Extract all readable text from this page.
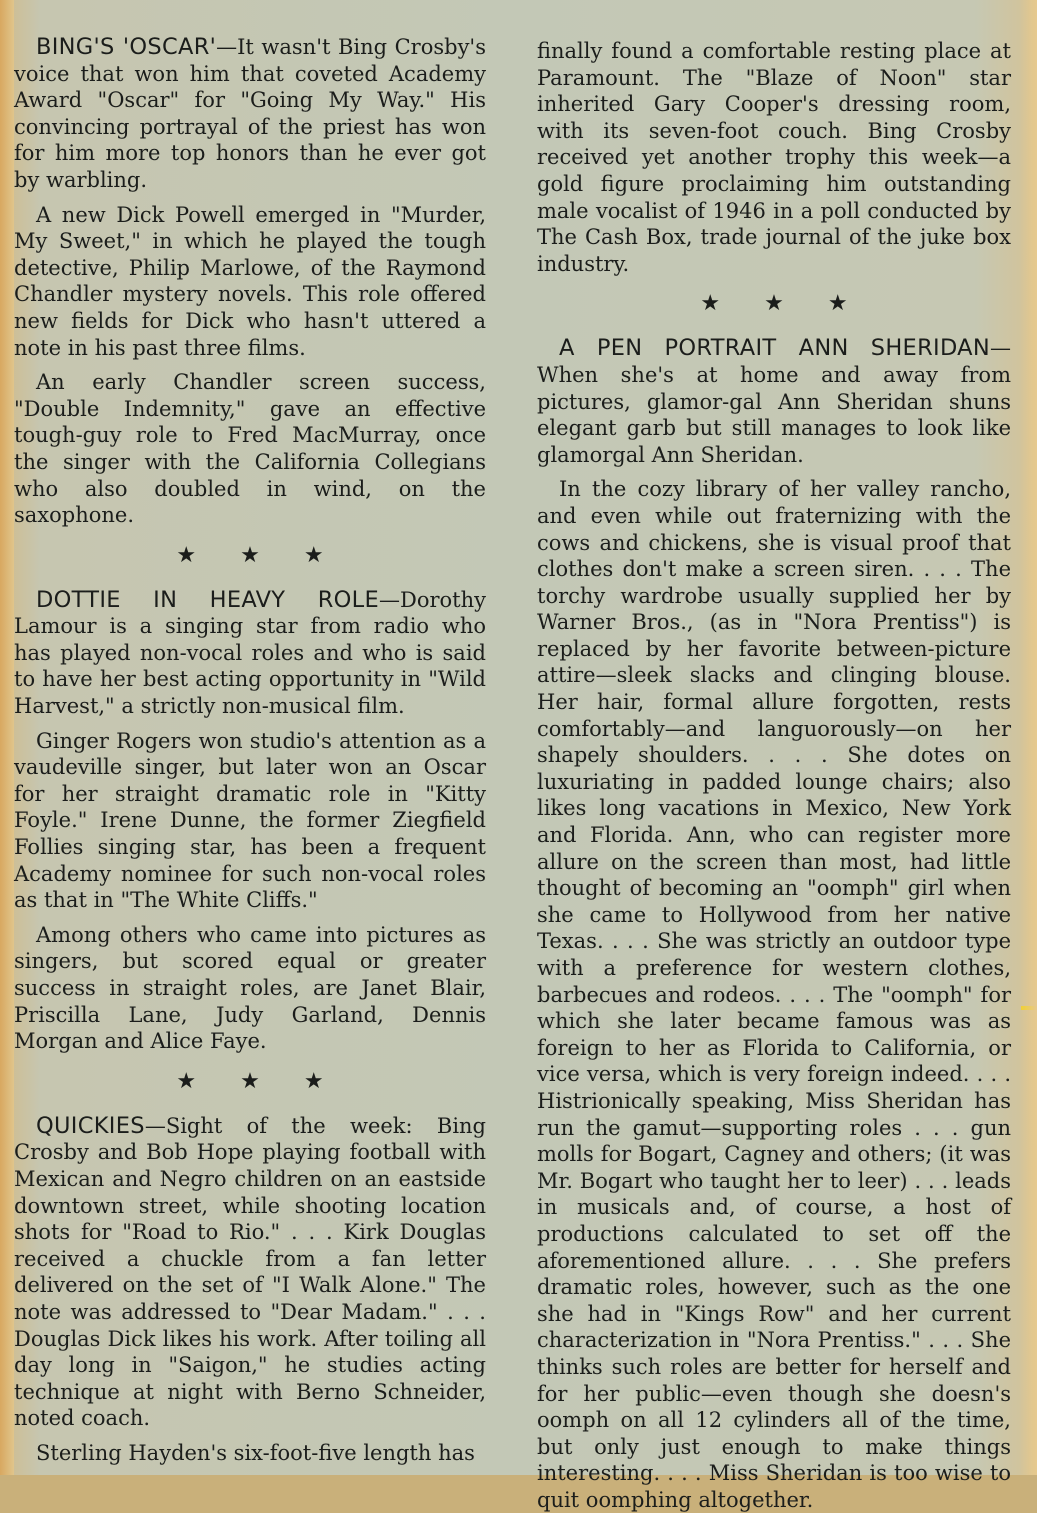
BING'S 'OSCAR'—It wasn't Bing Crosby's voice that won him that coveted Academy Award "Oscar" for "Going My Way." His convincing portrayal of the priest has won for him more top honors than he ever got by warbling.

A new Dick Powell emerged in "Murder, My Sweet," in which he played the tough detective, Philip Marlowe, of the Raymond Chandler mystery novels. This role offered new fields for Dick who hasn't uttered a note in his past three films.

An early Chandler screen success, "Double Indemnity," gave an effective tough-guy role to Fred MacMurray, once the singer with the California Collegians who also doubled in wind, on the saxophone.

★★★

DOTTIE IN HEAVY ROLE—Dorothy Lamour is a singing star from radio who has played non-vocal roles and who is said to have her best acting opportunity in "Wild Harvest," a strictly non-musical film.

Ginger Rogers won studio's attention as a vaudeville singer, but later won an Oscar for her straight dramatic role in "Kitty Foyle." Irene Dunne, the former Ziegfield Follies singing star, has been a frequent Academy nominee for such non-vocal roles as that in "The White Cliffs."

Among others who came into pictures as singers, but scored equal or greater success in straight roles, are Janet Blair, Priscilla Lane, Judy Garland, Dennis Morgan and Alice Faye.

★★★

QUICKIES—Sight of the week: Bing Crosby and Bob Hope playing football with Mexican and Negro children on an eastside downtown street, while shooting location shots for "Road to Rio." . . . Kirk Douglas received a chuckle from a fan letter delivered on the set of "I Walk Alone." The note was addressed to "Dear Madam." . . . Douglas Dick likes his work. After toiling all day long in "Saigon," he studies acting technique at night with Berno Schneider, noted coach.

Sterling Hayden's six-foot-five length has

finally found a comfortable resting place at Paramount. The "Blaze of Noon" star inherited Gary Cooper's dressing room, with its seven-foot couch. Bing Crosby received yet another trophy this week—a gold figure proclaiming him outstanding male vocalist of 1946 in a poll conducted by The Cash Box, trade journal of the juke box industry.

★★★

A PEN PORTRAIT ANN SHERIDAN—When she's at home and away from pictures, glamor-gal Ann Sheridan shuns elegant garb but still manages to look like glamorgal Ann Sheridan.

In the cozy library of her valley rancho, and even while out fraternizing with the cows and chickens, she is visual proof that clothes don't make a screen siren. . . . The torchy wardrobe usually supplied her by Warner Bros., (as in "Nora Prentiss") is replaced by her favorite between-picture attire—sleek slacks and clinging blouse. Her hair, formal allure forgotten, rests comfortably—and languorously—on her shapely shoulders. . . . She dotes on luxuriating in padded lounge chairs; also likes long vacations in Mexico, New York and Florida. Ann, who can register more allure on the screen than most, had little thought of becoming an "oomph" girl when she came to Hollywood from her native Texas. . . . She was strictly an outdoor type with a preference for western clothes, barbecues and rodeos. . . . The "oomph" for which she later became famous was as foreign to her as Florida to California, or vice versa, which is very foreign indeed. . . . Histrionically speaking, Miss Sheridan has run the gamut—supporting roles . . . gun molls for Bogart, Cagney and others; (it was Mr. Bogart who taught her to leer) . . . leads in musicals and, of course, a host of productions calculated to set off the aforementioned allure. . . . She prefers dramatic roles, however, such as the one she had in "Kings Row" and her current characterization in "Nora Prentiss." . . . She thinks such roles are better for herself and for her public—even though she doesn's oomph on all 12 cylinders all of the time, but only just enough to make things interesting. . . . Miss Sheridan is too wise to quit oomphing altogether.
